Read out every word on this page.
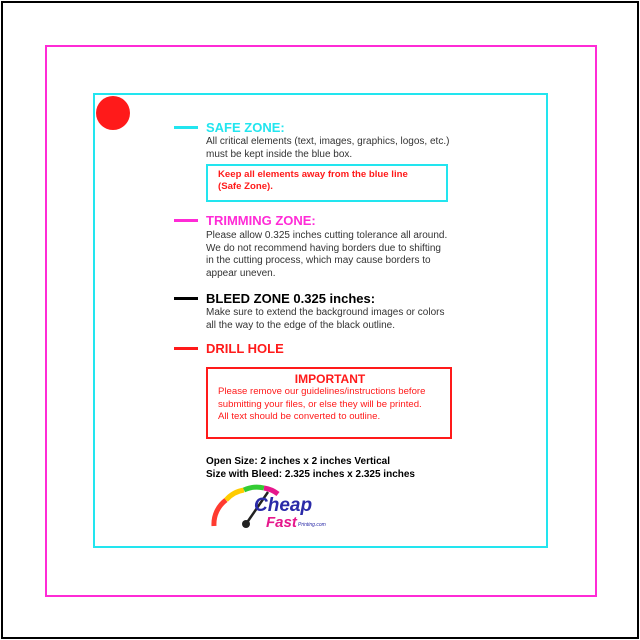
SAFE ZONE:
All critical elements (text, images, graphics, logos, etc.)
must be kept inside the blue box.
Keep all elements away from the blue line
(Safe Zone).
TRIMMING ZONE:
Please allow 0.325 inches cutting tolerance all around.
We do not recommend having borders due to shifting
in the cutting process, which may cause borders to
appear uneven.
BLEED ZONE 0.325 inches:
Make sure to extend the background images or colors
all the way to the edge of the black outline.
DRILL HOLE
IMPORTANT
Please remove our guidelines/instructions before
submitting your files, or else they will be printed.
All text should be converted to outline.
Open Size: 2 inches x 2 inches Vertical
Size with Bleed: 2.325 inches x 2.325 inches
Cheap
Fast Printing.com
